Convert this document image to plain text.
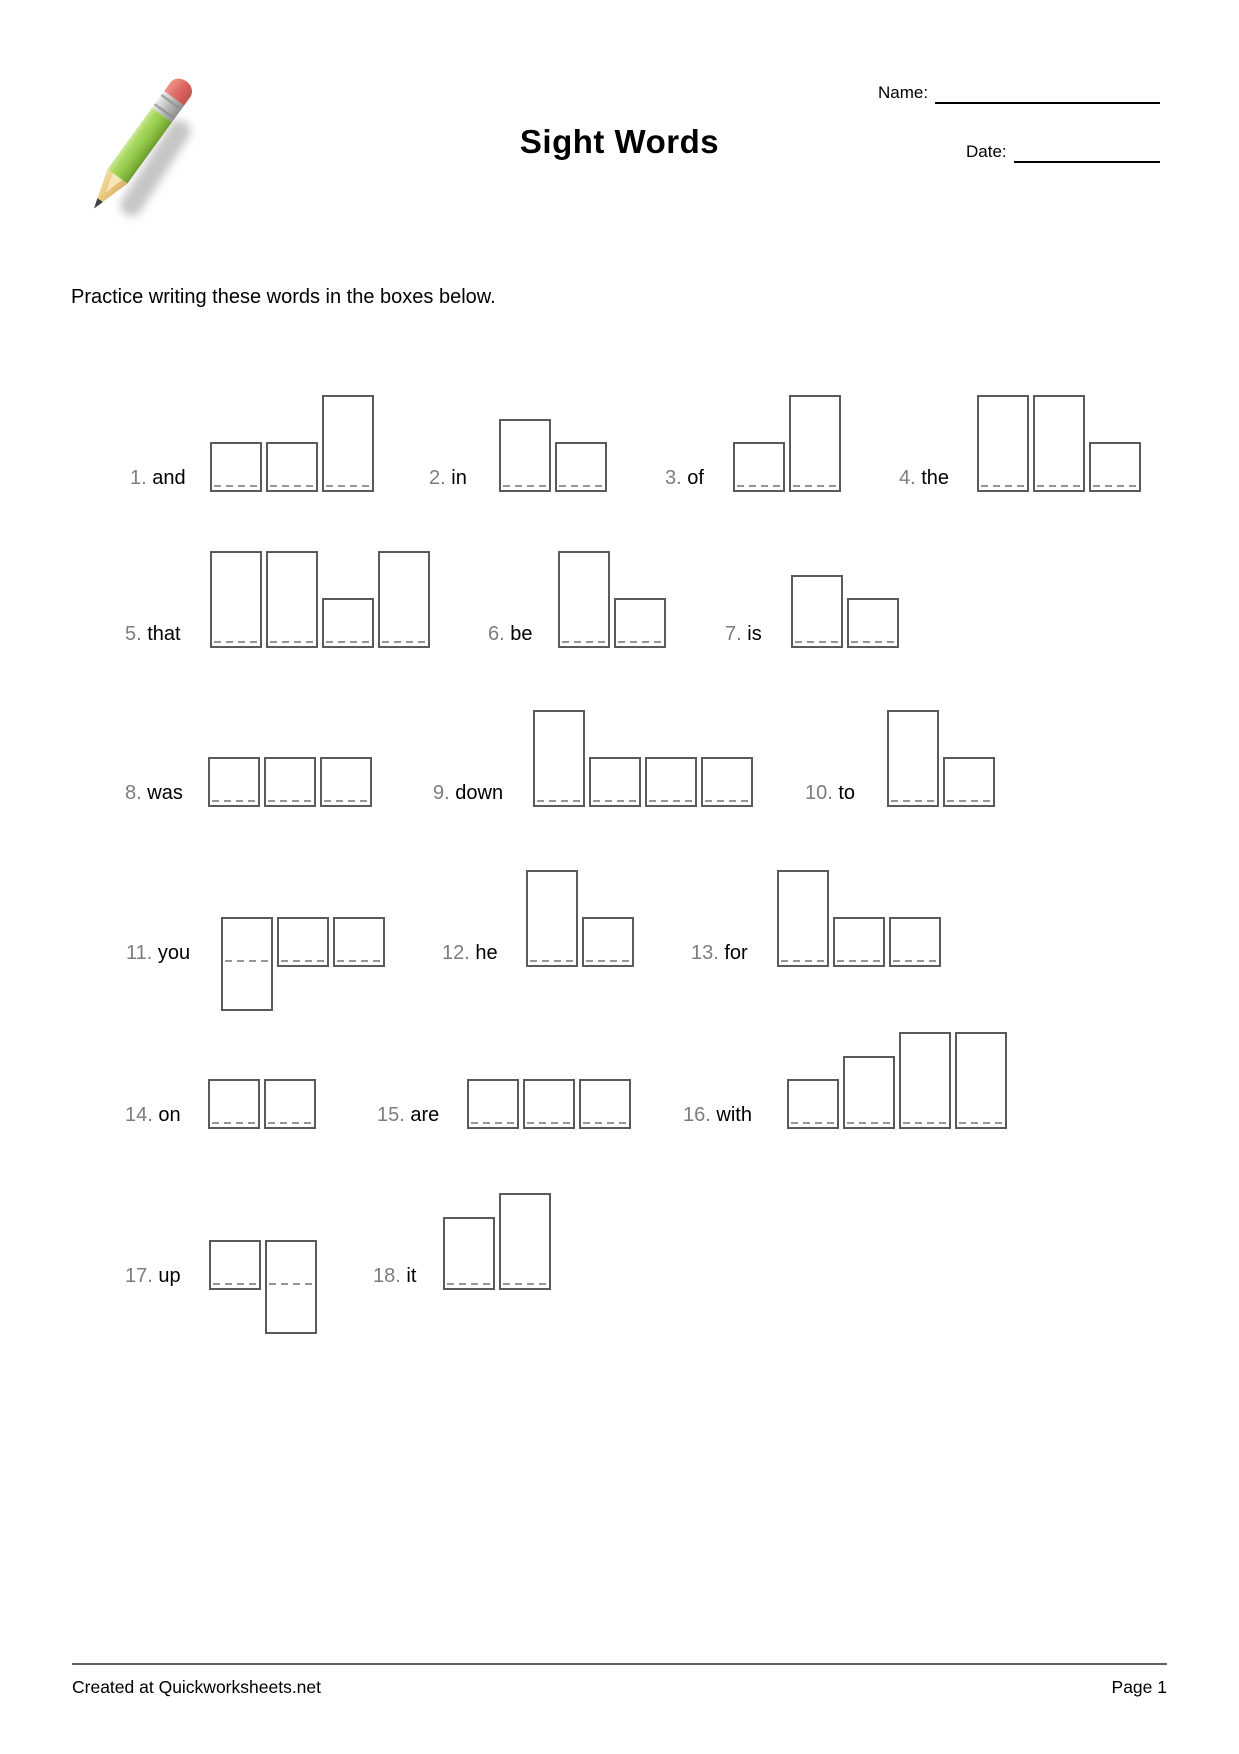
Sight Words
Name:
Date:
Practice writing these words in the boxes below.
1. and	2. in	3. of	4. the
5. that	6. be	7. is
8. was	9. down	10. to
11. you	12. he	13. for
14. on	15. are	16. with
17. up	18. it
Created at Quickworksheets.net	Page 1
